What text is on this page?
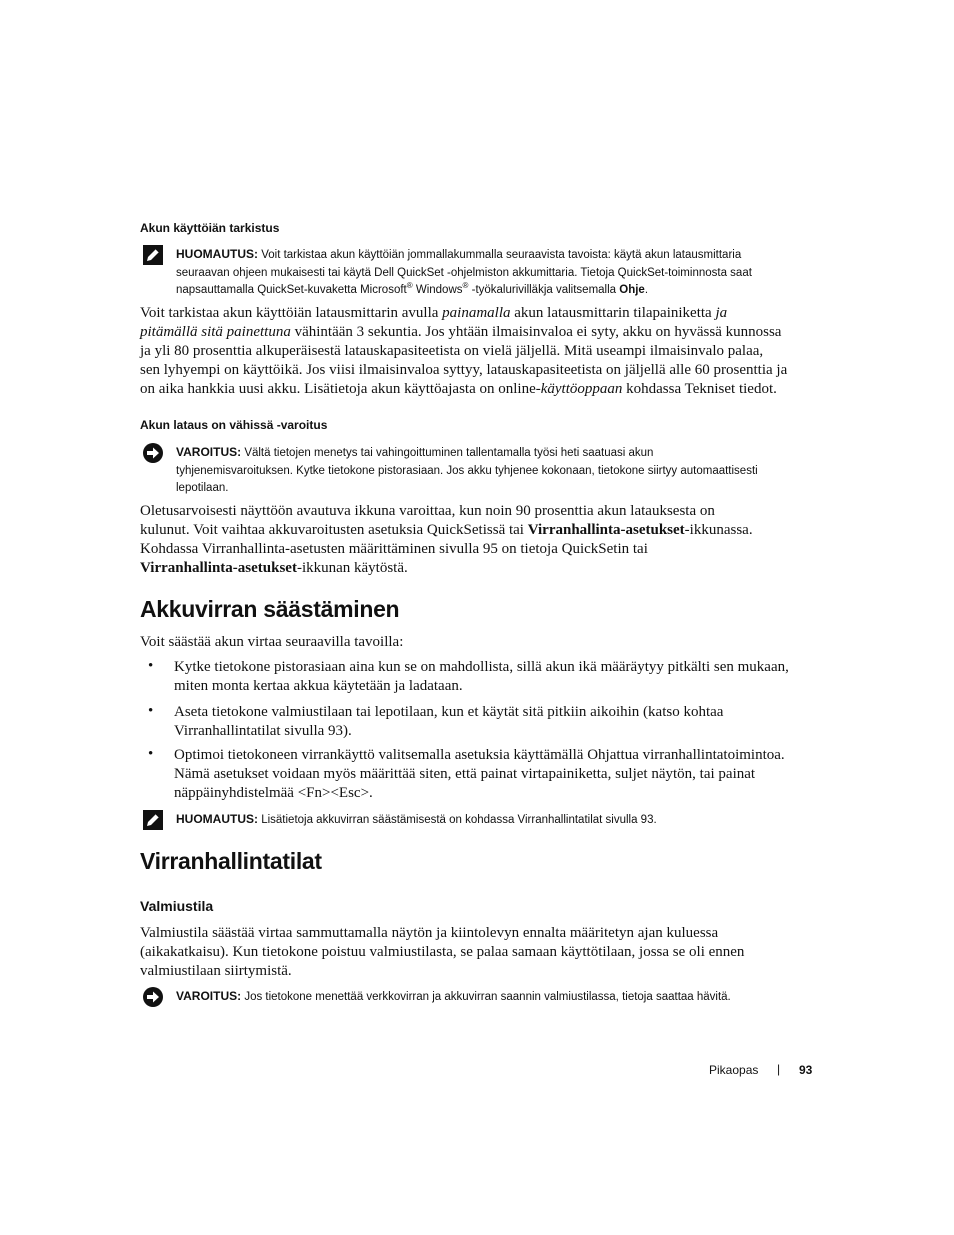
Akun käyttöiän tarkistus
HUOMAUTUS: Voit tarkistaa akun käyttöiän jommallakummalla seuraavista tavoista: käytä akun latausmittaria
seuraavan ohjeen mukaisesti tai käytä Dell QuickSet -ohjelmiston akkumittaria. Tietoja QuickSet-toiminnosta saat
napsauttamalla QuickSet-kuvaketta Microsoft® Windows® -työkalurivilläkja valitsemalla Ohje.
Voit tarkistaa akun käyttöiän latausmittarin avulla painamalla akun latausmittarin tilapainiketta ja
pitämällä sitä painettuna vähintään 3 sekuntia. Jos yhtään ilmaisinvaloa ei syty, akku on hyvässä kunnossa
ja yli 80 prosenttia alkuperäisestä latauskapasiteetista on vielä jäljellä. Mitä useampi ilmaisinvalo palaa,
sen lyhyempi on käyttöikä. Jos viisi ilmaisinvaloa syttyy, latauskapasiteetista on jäljellä alle 60 prosenttia ja
on aika hankkia uusi akku. Lisätietoja akun käyttöajasta on online-käyttöoppaan kohdassa Tekniset tiedot.
Akun lataus on vähissä -varoitus
VAROITUS: Vältä tietojen menetys tai vahingoittuminen tallentamalla työsi heti saatuasi akun
tyhjenemisvaroituksen. Kytke tietokone pistorasiaan. Jos akku tyhjenee kokonaan, tietokone siirtyy automaattisesti
lepotilaan.
Oletusarvoisesti näyttöön avautuva ikkuna varoittaa, kun noin 90 prosenttia akun latauksesta on
kulunut. Voit vaihtaa akkuvaroitusten asetuksia QuickSetissä tai Virranhallinta-asetukset-ikkunassa.
Kohdassa Virranhallinta-asetusten määrittäminen sivulla 95 on tietoja QuickSetin tai
Virranhallinta-asetukset-ikkunan käytöstä.
Akkuvirran säästäminen
Voit säästää akun virtaa seuraavilla tavoilla:
• Kytke tietokone pistorasiaan aina kun se on mahdollista, sillä akun ikä määräytyy pitkälti sen mukaan,
miten monta kertaa akkua käytetään ja ladataan.
• Aseta tietokone valmiustilaan tai lepotilaan, kun et käytät sitä pitkiin aikoihin (katso kohtaa
Virranhallintatilat sivulla 93).
• Optimoi tietokoneen virrankäyttö valitsemalla asetuksia käyttämällä Ohjattua virranhallintatoimintoa.
Nämä asetukset voidaan myös määrittää siten, että painat virtapainiketta, suljet näytön, tai painat
näppäinyhdistelmää <Fn><Esc>.
HUOMAUTUS: Lisätietoja akkuvirran säästämisestä on kohdassa Virranhallintatilat sivulla 93.
Virranhallintatilat
Valmiustila
Valmiustila säästää virtaa sammuttamalla näytön ja kiintolevyn ennalta määritetyn ajan kuluessa
(aikakatkaisu). Kun tietokone poistuu valmiustilasta, se palaa samaan käyttötilaan, jossa se oli ennen
valmiustilaan siirtymistä.
VAROITUS: Jos tietokone menettää verkkovirran ja akkuvirran saannin valmiustilassa, tietoja saattaa hävitä.
Pikaopas | 93
